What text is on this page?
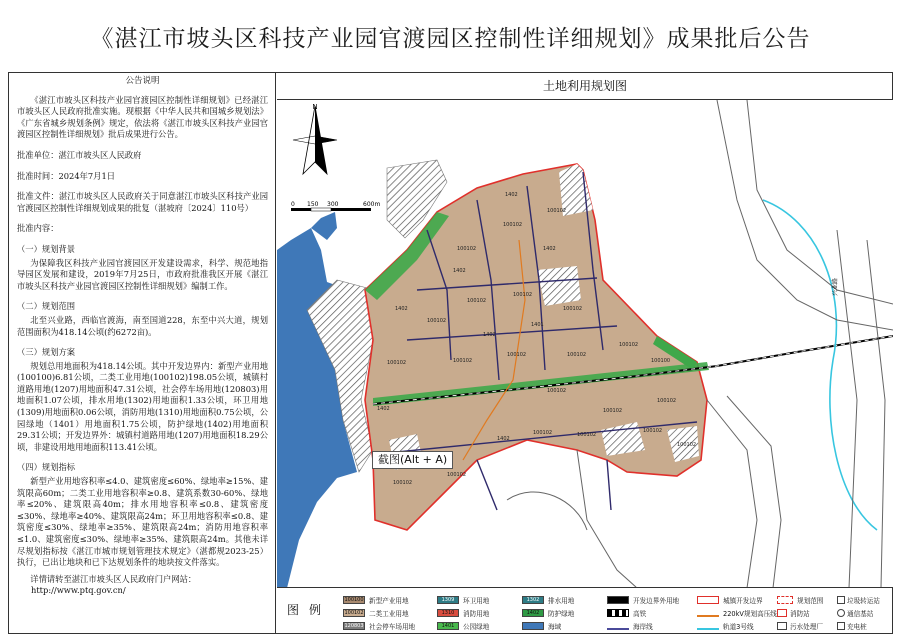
《湛江市坡头区科技产业园官渡园区控制性详细规划》成果批后公告
公告说明

《湛江市坡头区科技产业园官渡园区控制性详细规划》已经湛江市坡头区人民政府批准实施。现根据《中华人民共和国城乡规划法》《广东省城乡规划条例》规定，依法将《湛江市坡头区科技产业园官渡园区控制性详细规划》批后成果进行公告。

批准单位：湛江市坡头区人民政府

批准时间：2024年7月1日

批准文件：湛江市坡头区人民政府关于同意湛江市坡头区科技产业园官渡园区控制性详细规划成果的批复（湛坡府〔2024〕110号）

批准内容：

（一）规划背景

为保障我区科技产业园官渡园区开发建设需求，科学、规范地指导园区发展和建设，2019年7月25日，市政府批准我区开展《湛江市坡头区科技产业园官渡园区控制性详细规划》编制工作。

（二）规划范围

北至兴业路，西临官渡海，南至国道228，东至中兴大道，规划范围面积为418.14公顷(约6272亩)。

（三）规划方案

规划总用地面积为418.14公顷。其中开发边界内：新型产业用地(100100)6.81公顷，二类工业用地(100102)198.05公顷，城镇村道路用地(1207)用地面积47.31公顷，社会停车场用地(120803)用地面积1.07公顷，排水用地(1302)用地面积1.33公顷，环卫用地(1309)用地面积0.06公顷，消防用地(1310)用地面积0.75公顷，公园绿地（1401）用地面积1.75公顷，防护绿地(1402)用地面积29.31公顷；开发边界外：城镇村道路用地(1207)用地面积18.29公顷，非建设用地用地面积113.41公顷。

（四）规划指标

新型产业用地容积率≤4.0、建筑密度≤60%、绿地率≥15%、建筑限高60m；二类工业用地容积率≥0.8、建筑系数30-60%、绿地率≤20%、建筑限高40m；排水用地容积率≤0.8、建筑密度≤30%、绿地率≥40%、建筑限高24m；环卫用地容积率≤0.8、建筑密度≤30%、绿地率≥35%、建筑限高24m；消防用地容积率≤1.0、建筑密度≤30%、绿地率≥35%、建筑限高24m。其他未详尽规划指标按《湛江市城市规划管理技术规定》（湛都规2023-25）执行，已出让地块和已下达规划条件的地块按文件落实。

详情请转至湛江市坡头区人民政府门户网站：

http://www.ptq.gov.cn/
土地利用规划图
N
0 150 300	600m
兴业路
1402
100102
100102
100102
100102
100102
100102
100102
1402
1402
100102	100102
100102	100102
100102
100100
100102
100102
1402
100102	100102
100102
100102
100102
100102
1401
1402
100102
1402
1402
图例
100100 新型产业用地
100102 二类工业用地
120803 社会停车场用地
1309	环卫用地
1310	消防用地
1401	公园绿地
1302	排水用地
1402	防护绿地
海域
开发边界外用地
高铁
海岸线
城镇开发边界
220kV规划高压线
轨道3号线
规划范围
消防站
污水处理厂
垃圾转运站
通信基站
充电桩
截图(Alt + A)
